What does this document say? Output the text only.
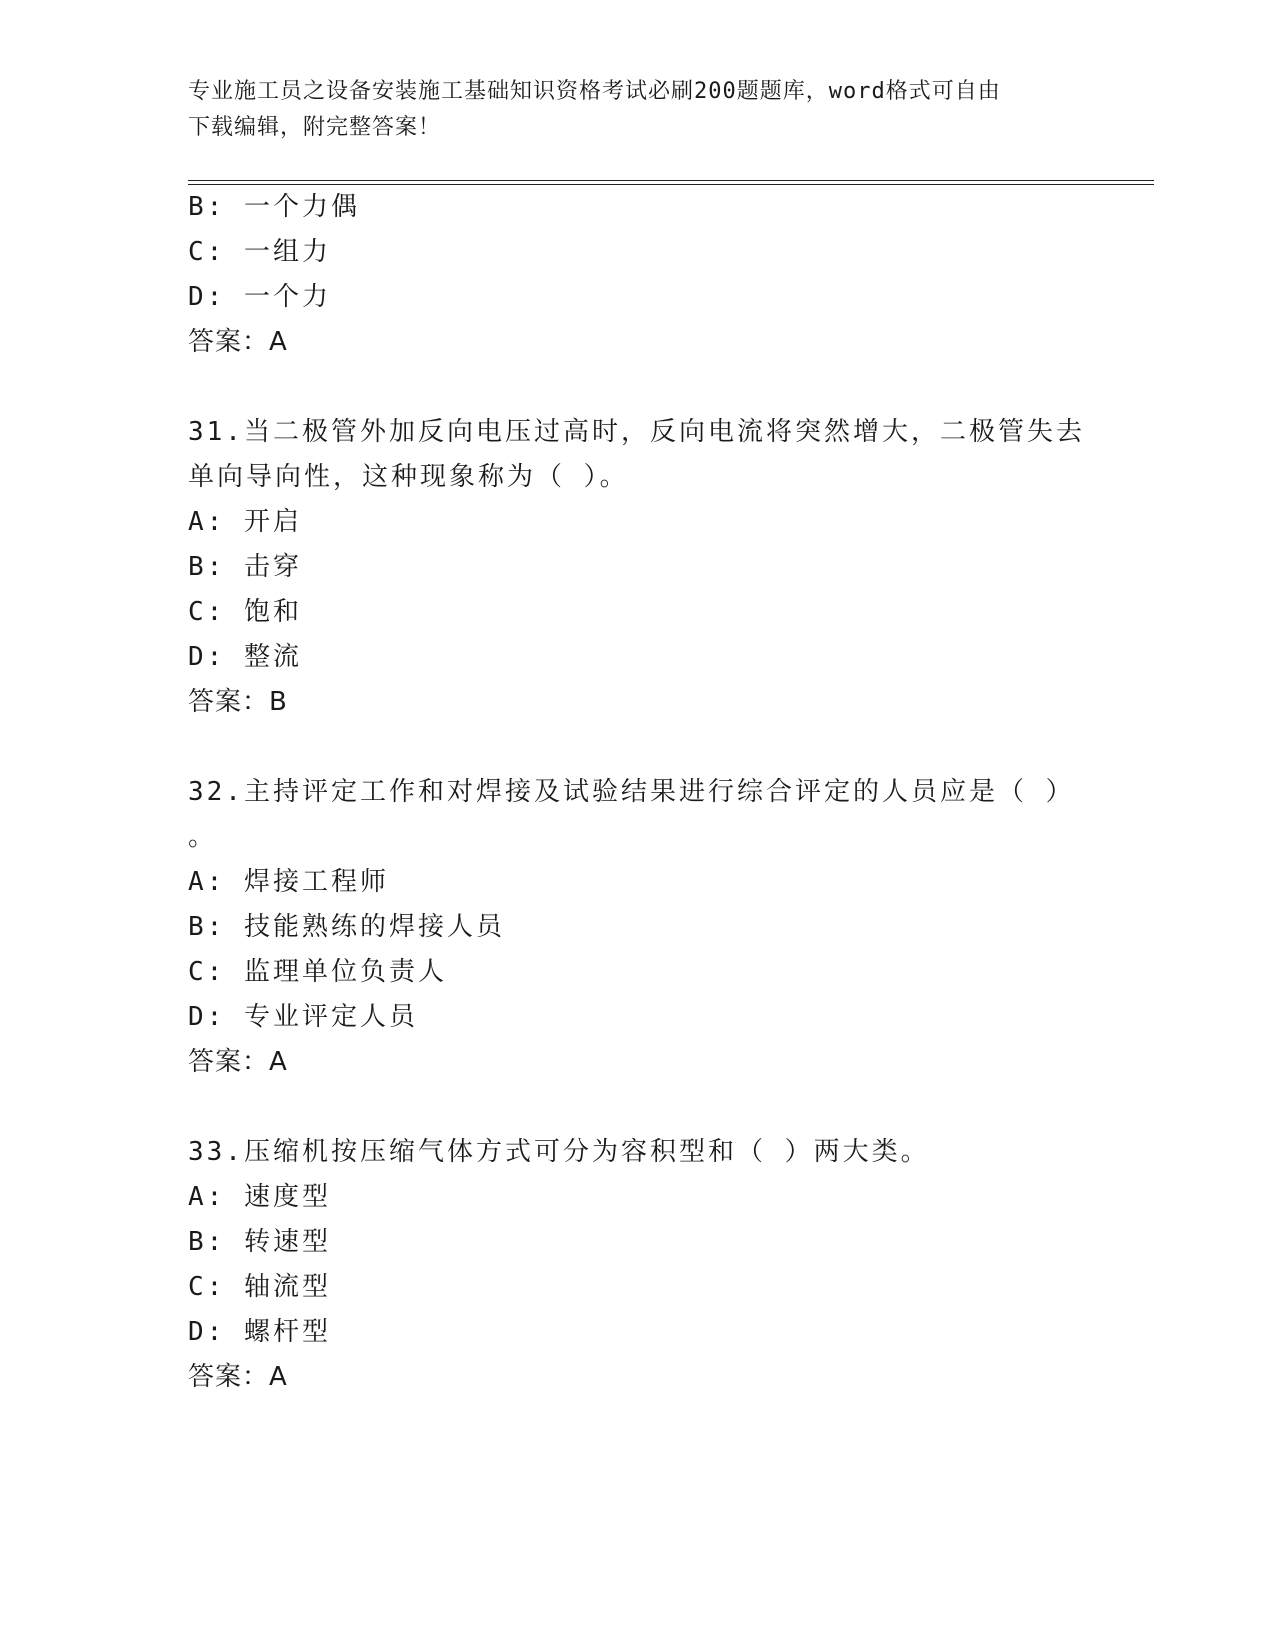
专业施工员之设备安装施工基础知识资格考试必刷200题题库，word格式可自由
下载编辑，附完整答案！
B: 一个力偶
C: 一组力
D: 一个力
答案：A
31.当二极管外加反向电压过高时，反向电流将突然增大，二极管失去
单向导向性，这种现象称为（ ）。
A: 开启
B: 击穿
C: 饱和
D: 整流
答案：B
32.主持评定工作和对焊接及试验结果进行综合评定的人员应是（ ）
。
A: 焊接工程师
B: 技能熟练的焊接人员
C: 监理单位负责人
D: 专业评定人员
答案：A
33.压缩机按压缩气体方式可分为容积型和（ ）两大类。
A: 速度型
B: 转速型
C: 轴流型
D: 螺杆型
答案：A
